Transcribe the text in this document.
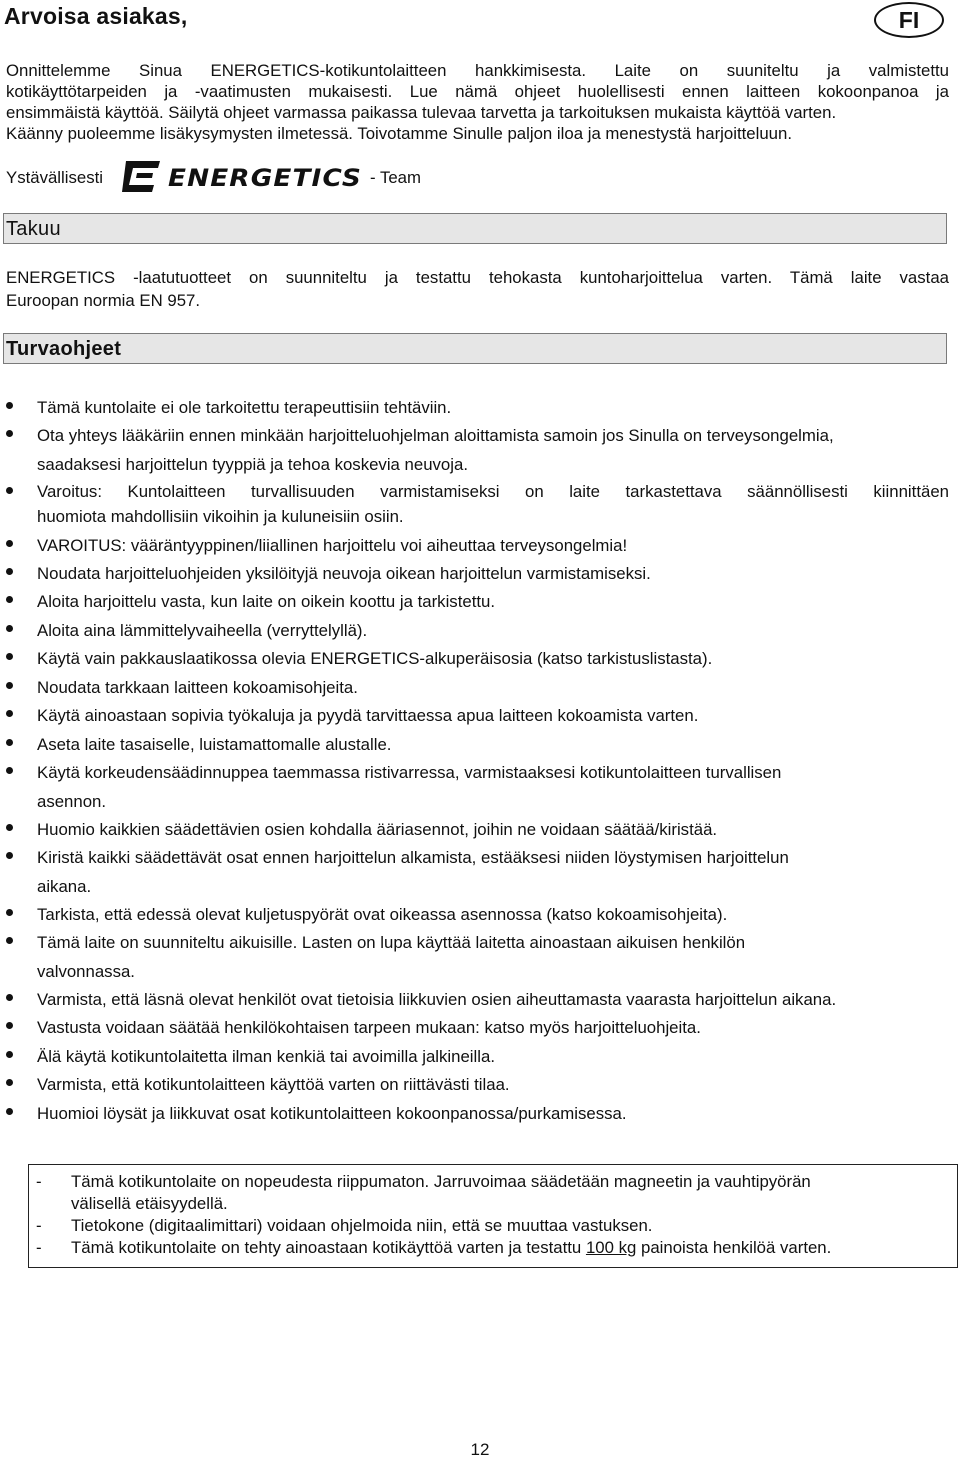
Arvoisa asiakas,	FI

Onnittelemme Sinua ENERGETICS-kotikuntolaitteen hankkimisesta. Laite on suuniteltu ja valmistettu
kotikäyttötarpeiden ja -vaatimusten mukaisesti. Lue nämä ohjeet huolellisesti ennen laitteen kokoonpanoa ja
ensimmäistä käyttöä. Säilytä ohjeet varmassa paikassa tulevaa tarvetta ja tarkoituksen mukaista käyttöä varten.
Käänny puoleemme lisäkysymysten ilmetessä. Toivotamme Sinulle paljon iloa ja menestystä harjoitteluun.

Ystävällisesti	ENERGETICS - Team
Takuu

ENERGETICS -laatutuotteet on suunniteltu ja testattu tehokasta kuntoharjoittelua varten. Tämä laite vastaa
Euroopan normia EN 957.

Turvaohjeet
Tämä kuntolaite ei ole tarkoitettu terapeuttisiin tehtäviin.
Ota yhteys lääkäriin ennen minkään harjoitteluohjelman aloittamista samoin jos Sinulla on terveysongelmia,
saadaksesi harjoittelun tyyppiä ja tehoa koskevia neuvoja.
Varoitus: Kuntolaitteen turvallisuuden varmistamiseksi on laite tarkastettava säännöllisesti kiinnittäen
huomiota mahdollisiin vikoihin ja kuluneisiin osiin.
VAROITUS: vääräntyyppinen/liiallinen harjoittelu voi aiheuttaa terveysongelmia!
Noudata harjoitteluohjeiden yksilöityjä neuvoja oikean harjoittelun varmistamiseksi.
Aloita harjoittelu vasta, kun laite on oikein koottu ja tarkistettu.
Aloita aina lämmittelyvaiheella (verryttelyllä).
Käytä vain pakkauslaatikossa olevia ENERGETICS-alkuperäisosia (katso tarkistuslistasta).
Noudata tarkkaan laitteen kokoamisohjeita.
Käytä ainoastaan sopivia työkaluja ja pyydä tarvittaessa apua laitteen kokoamista varten.
Aseta laite tasaiselle, luistamattomalle alustalle.
Käytä korkeudensäädinnuppea taemmassa ristivarressa, varmistaaksesi kotikuntolaitteen turvallisen
asennon.
Huomio kaikkien säädettävien osien kohdalla ääriasennot, joihin ne voidaan säätää/kiristää.
Kiristä kaikki säädettävät osat ennen harjoittelun alkamista, estääksesi niiden löystymisen harjoittelun
aikana.
Tarkista, että edessä olevat kuljetuspyörät ovat oikeassa asennossa (katso kokoamisohjeita).
Tämä laite on suunniteltu aikuisille. Lasten on lupa käyttää laitetta ainoastaan aikuisen henkilön
valvonnassa.
Varmista, että läsnä olevat henkilöt ovat tietoisia liikkuvien osien aiheuttamasta vaarasta harjoittelun aikana.
Vastusta voidaan säätää henkilökohtaisen tarpeen mukaan: katso myös harjoitteluohjeita.
Älä käytä kotikuntolaitetta ilman kenkiä tai avoimilla jalkineilla.
Varmista, että kotikuntolaitteen käyttöä varten on riittävästi tilaa.
Huomioi löysät ja liikkuvat osat kotikuntolaitteen kokoonpanossa/purkamisessa.
- Tämä kotikuntolaite on nopeudesta riippumaton. Jarruvoimaa säädetään magneetin ja vauhtipyörän
välisellä etäisyydellä.
- Tietokone (digitaalimittari) voidaan ohjelmoida niin, että se muuttaa vastuksen.
- Tämä kotikuntolaite on tehty ainoastaan kotikäyttöä varten ja testattu 100 kg painoista henkilöä varten.
12
